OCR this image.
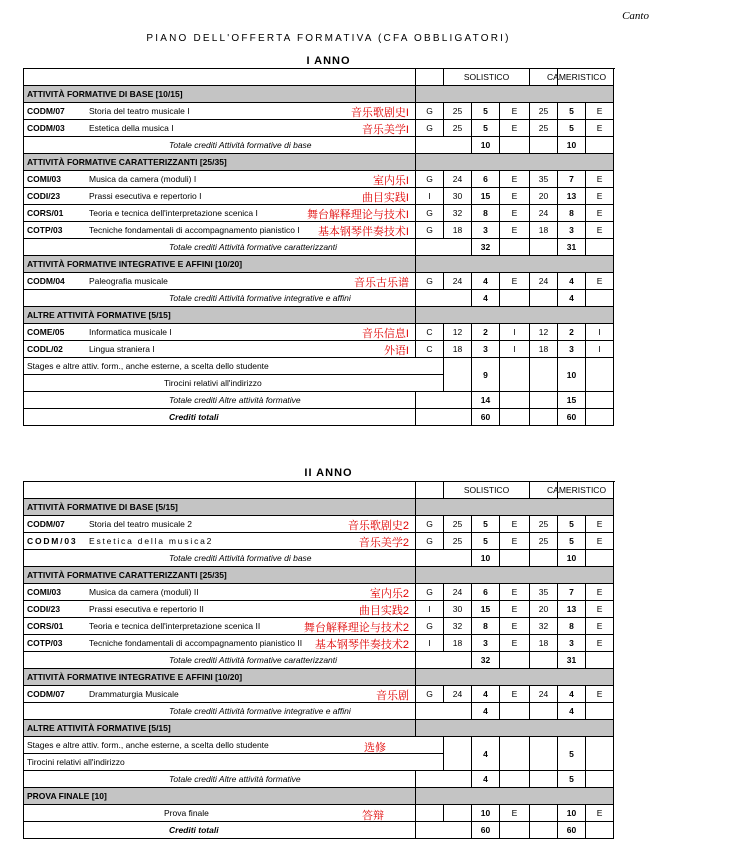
Canto
PIANO DELL'OFFERTA FORMATIVA (CFA OBBLIGATORI)
I ANNO
		SOLISTICO				CAMERISTICO		
ATTIVITÀ FORMATIVE DI BASE [10/15]								
CODM/07 Storia del teatro musicale I 音乐歌剧史I	G	25	5	E	25	5	E	
CODM/03 Estetica della musica I 音乐美学I	G	25	5	E	25	5	E	
	Totale crediti Attività formative di base		10			10		
ATTIVITÀ FORMATIVE CARATTERIZZANTI [25/35]								
COMI/03 Musica da camera (moduli) I 室内乐I	G	24	6	E	35	7	E	
CODI/23 Prassi esecutiva e repertorio I 曲目实践I	I	30	15	E	20	13	E	
CORS/01 Teoria e tecnica dell'interpretazione scenica I 舞台解释理论与技术I	G	32	8	E	24	8	E	
COTP/03 Tecniche fondamentali di accompagnamento pianistico I 基本钢琴伴奏技术I	G	18	3	E	18	3	E	
	Totale crediti Attività formative caratterizzanti		32			31		
ATTIVITÀ FORMATIVE INTEGRATIVE E AFFINI [10/20]								
CODM/04 Paleografia musicale 音乐古乐谱	G	24	4	E	24	4	E	
	Totale crediti Attività formative integrative e affini		4			4		
ALTRE ATTIVITÀ FORMATIVE [5/15]								
COME/05 Informatica musicale I 音乐信息I	C	12	2	I	12	2	I	
CODL/02 Lingua straniera I 外语I	C	18	3	I	18	3	I	
Stages e altre attiv. form., anche esterne, a scelta dello studente			9			10		
Tirocini relativi all'indirizzo								
	Totale crediti Altre attività formative		14			15		
	Crediti totali		60			60		
II ANNO
		SOLISTICO				CAMERISTICO		
ATTIVITÀ FORMATIVE DI BASE [5/15]								
CODM/07 Storia del teatro musicale 2 音乐歌剧史2	G	25	5	E	25	5	E	
CODM/03 Estetica della musica2 音乐美学2	G	25	5	E	25	5	E	
	Totale crediti Attività formative di base		10			10		
ATTIVITÀ FORMATIVE CARATTERIZZANTI [25/35]								
COMI/03 Musica da camera (moduli) II 室内乐2	G	24	6	E	35	7	E	
CODI/23 Prassi esecutiva e repertorio II 曲目实践2	I	30	15	E	20	13	E	
CORS/01 Teoria e tecnica dell'interpretazione scenica II 舞台解释理论与技术2	G	32	8	E	32	8	E	
COTP/03 Tecniche fondamentali di accompagnamento pianistico II 基本钢琴伴奏技术2	I	18	3	E	18	3	E	
	Totale crediti Attività formative caratterizzanti		32			31		
ATTIVITÀ FORMATIVE INTEGRATIVE E AFFINI [10/20]								
CODM/07 Drammaturgia Musicale 音乐剧	G	24	4	E	24	4	E	
	Totale crediti Attività formative integrative e affini		4			4		
ALTRE ATTIVITÀ FORMATIVE [5/15]								
Stages e altre attiv. form., anche esterne, a scelta dello studente 选修			4			5		
Tirocini relativi all'indirizzo								
	Totale crediti Altre attività formative		4			5		
PROVA FINALE [10]								
Prova finale 答辩			10	E		10	E	
	Crediti totali		60			60		
